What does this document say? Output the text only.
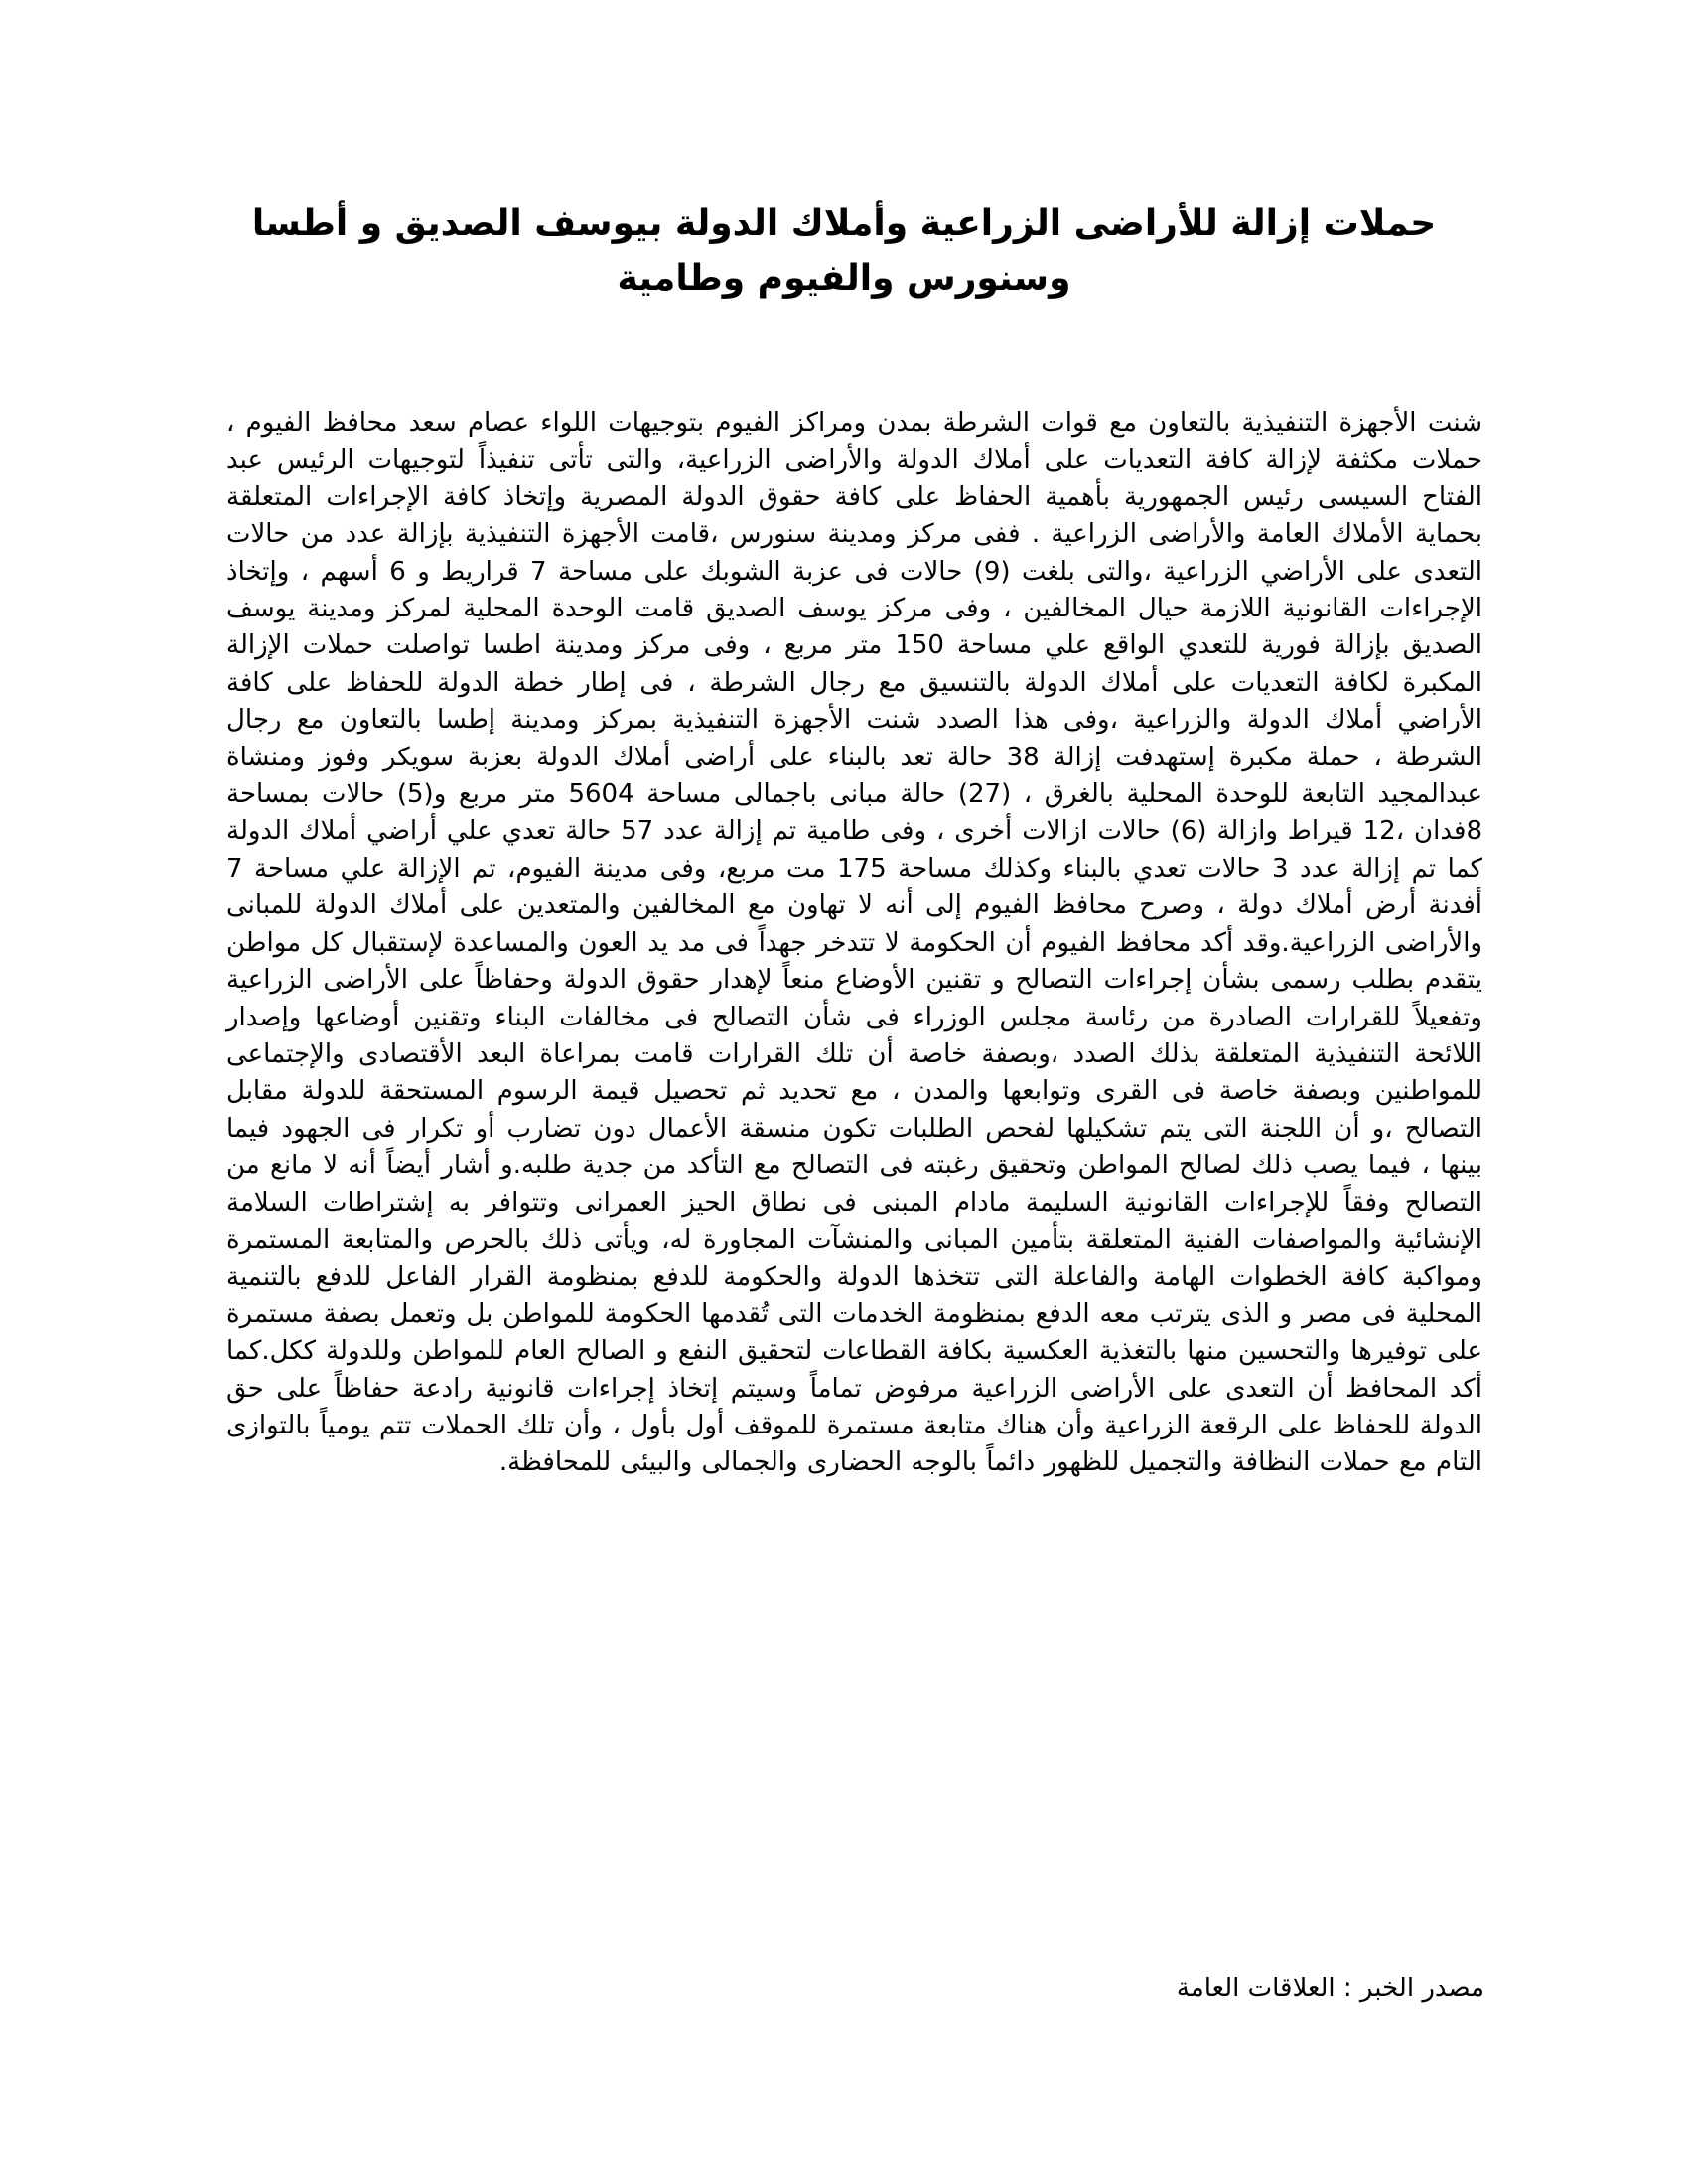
حملات إزالة للأراضى الزراعية وأملاك الدولة بيوسف الصديق و أطسا وسنورس والفيوم وطامية

شنت الأجهزة التنفيذية بالتعاون مع قوات الشرطة بمدن ومراكز الفيوم بتوجيهات اللواء عصام سعد محافظ الفيوم ، حملات مكثفة لإزالة كافة التعديات على أملاك الدولة والأراضى الزراعية، والتى تأتى تنفيذاً لتوجيهات الرئيس عبد الفتاح السيسى رئيس الجمهورية بأهمية الحفاظ على كافة حقوق الدولة المصرية وإتخاذ كافة الإجراءات المتعلقة بحماية الأملاك العامة والأراضى الزراعية . ففى مركز ومدينة سنورس ،قامت الأجهزة التنفيذية بإزالة عدد من حالات التعدى على الأراضي الزراعية ،والتى بلغت (9) حالات فى عزبة الشوبك على مساحة 7 قراريط و 6 أسهم ، وإتخاذ الإجراءات القانونية اللازمة حيال المخالفين ، وفى مركز يوسف الصديق قامت الوحدة المحلية لمركز ومدينة يوسف الصديق بإزالة فورية للتعدي الواقع علي مساحة 150 متر مربع ، وفى مركز ومدينة اطسا تواصلت حملات الإزالة المكبرة لكافة التعديات على أملاك الدولة بالتنسيق مع رجال الشرطة ، فى إطار خطة الدولة للحفاظ على كافة الأراضي أملاك الدولة والزراعية ،وفى هذا الصدد شنت الأجهزة التنفيذية بمركز ومدينة إطسا بالتعاون مع رجال الشرطة ، حملة مكبرة إستهدفت إزالة 38 حالة تعد بالبناء على أراضى أملاك الدولة بعزبة سويكر وفوز ومنشاة عبدالمجيد التابعة للوحدة المحلية بالغرق ، (27) حالة مبانى باجمالى مساحة 5604 متر مربع و(5) حالات بمساحة 8فدان ،12 قيراط وازالة (6) حالات ازالات أخرى ، وفى طامية تم إزالة عدد 57 حالة تعدي علي أراضي أملاك الدولة كما تم إزالة عدد 3 حالات تعدي بالبناء وكذلك مساحة 175 مت مربع، وفى مدينة الفيوم، تم الإزالة علي مساحة 7 أفدنة أرض أملاك دولة ، وصرح محافظ الفيوم إلى أنه لا تهاون مع المخالفين والمتعدين على أملاك الدولة للمبانى والأراضى الزراعية.وقد أكد محافظ الفيوم أن الحكومة لا تتدخر جهداً فى مد يد العون والمساعدة لإستقبال كل مواطن يتقدم بطلب رسمى بشأن إجراءات التصالح و تقنين الأوضاع منعاً لإهدار حقوق الدولة وحفاظاً على الأراضى الزراعية وتفعيلاً للقرارات الصادرة من رئاسة مجلس الوزراء فى شأن التصالح فى مخالفات البناء وتقنين أوضاعها وإصدار اللائحة التنفيذية المتعلقة بذلك الصدد ،وبصفة خاصة أن تلك القرارات قامت بمراعاة البعد الأقتصادى والإجتماعى للمواطنين وبصفة خاصة فى القرى وتوابعها والمدن ، مع تحديد ثم تحصيل قيمة الرسوم المستحقة للدولة مقابل التصالح ،و أن اللجنة التى يتم تشكيلها لفحص الطلبات تكون منسقة الأعمال دون تضارب أو تكرار فى الجهود فيما بينها ، فيما يصب ذلك لصالح المواطن وتحقيق رغبته فى التصالح مع التأكد من جدية طلبه.و أشار أيضاً أنه لا مانع من التصالح وفقاً للإجراءات القانونية السليمة مادام المبنى فى نطاق الحيز العمرانى وتتوافر به إشتراطات السلامة الإنشائية والمواصفات الفنية المتعلقة بتأمين المبانى والمنشآت المجاورة له، ويأتى ذلك بالحرص والمتابعة المستمرة ومواكبة كافة الخطوات الهامة والفاعلة التى تتخذها الدولة والحكومة للدفع بمنظومة القرار الفاعل للدفع بالتنمية المحلية فى مصر و الذى يترتب معه الدفع بمنظومة الخدمات التى تُقدمها الحكومة للمواطن بل وتعمل بصفة مستمرة على توفيرها والتحسين منها بالتغذية العكسية بكافة القطاعات لتحقيق النفع و الصالح العام للمواطن وللدولة ككل.كما أكد المحافظ أن التعدى على الأراضى الزراعية مرفوض تماماً وسيتم إتخاذ إجراءات قانونية رادعة حفاظاً على حق الدولة للحفاظ على الرقعة الزراعية وأن هناك متابعة مستمرة للموقف أول بأول ، وأن تلك الحملات تتم يومياً بالتوازى التام مع حملات النظافة والتجميل للظهور دائماً بالوجه الحضارى والجمالى والبيئى للمحافظة.

مصدر الخبر : العلاقات العامة
